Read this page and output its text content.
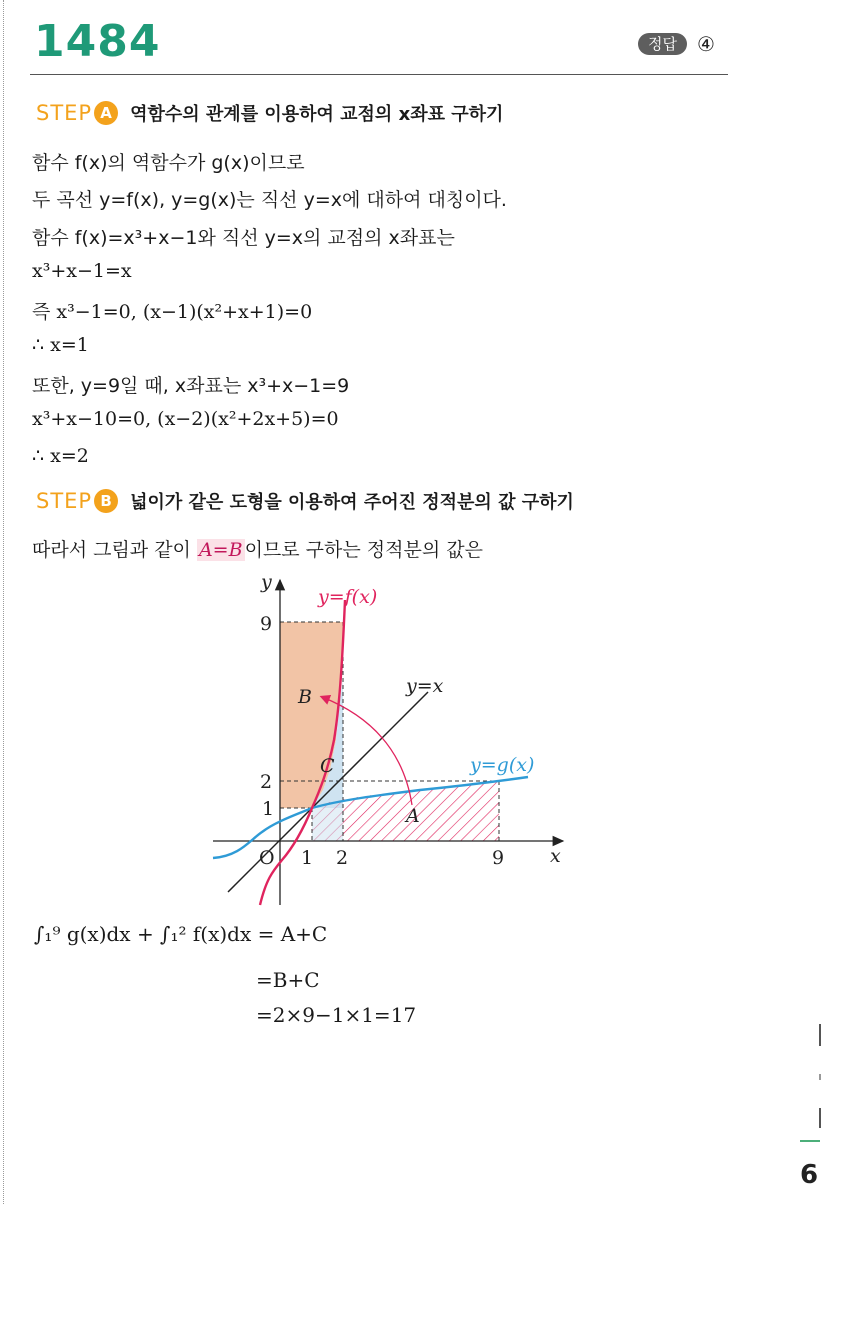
1484	정답	④
STEP A	역함수의 관계를 이용하여 교점의 x좌표 구하기
함수 f(x)의 역함수가 g(x)이므로
두 곡선 y=f(x), y=g(x)는 직선 y=x에 대하여 대칭이다.
함수 f(x)=x³+x−1와 직선 y=x의 교점의 x좌표는
x³+x−1=x
즉 x³−1=0, (x−1)(x²+x+1)=0
∴ x=1
또한, y=9일 때, x좌표는 x³+x−1=9
x³+x−10=0, (x−2)(x²+2x+5)=0
∴ x=2
STEP B	넓이가 같은 도형을 이용하여 주어진 정적분의 값 구하기
따라서 그림과 같이 A=B 이므로 구하는 정적분의 값은
y
x
O
9
2
1
1 2	9
y=f(x)
y=x
y=g(x)
B
C
A
∫₁⁹ g(x)dx + ∫₁² f(x)dx = A+C
=B+C
=2×9−1×1=17
6
